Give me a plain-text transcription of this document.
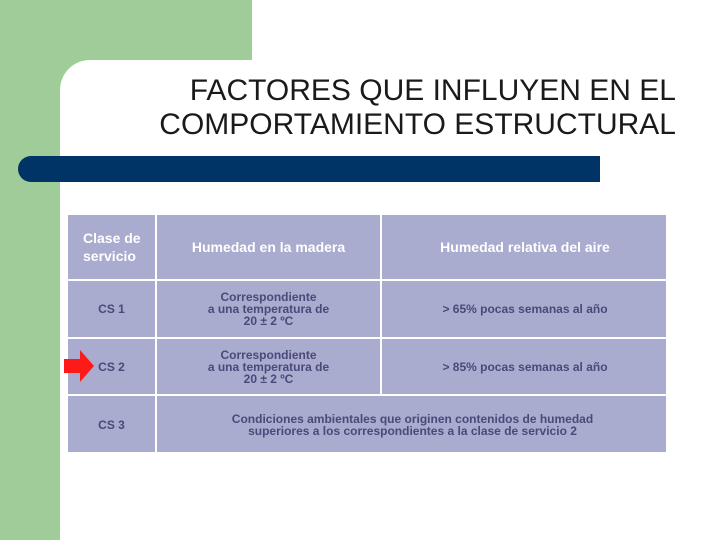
FACTORES QUE INFLUYEN EN EL
COMPORTAMIENTO ESTRUCTURAL
Clase de
servicio
Humedad en la madera	Humedad relativa del aire
CS 1
Correspondiente
a una temperatura de
20 ± 2 ºC
> 65% pocas semanas al año
CS 2
Correspondiente
a una temperatura de
20 ± 2 ºC
> 85% pocas semanas al año
CS 3	Condiciones ambientales que originen contenidos de humedad
superiores a los correspondientes a la clase de servicio 2
